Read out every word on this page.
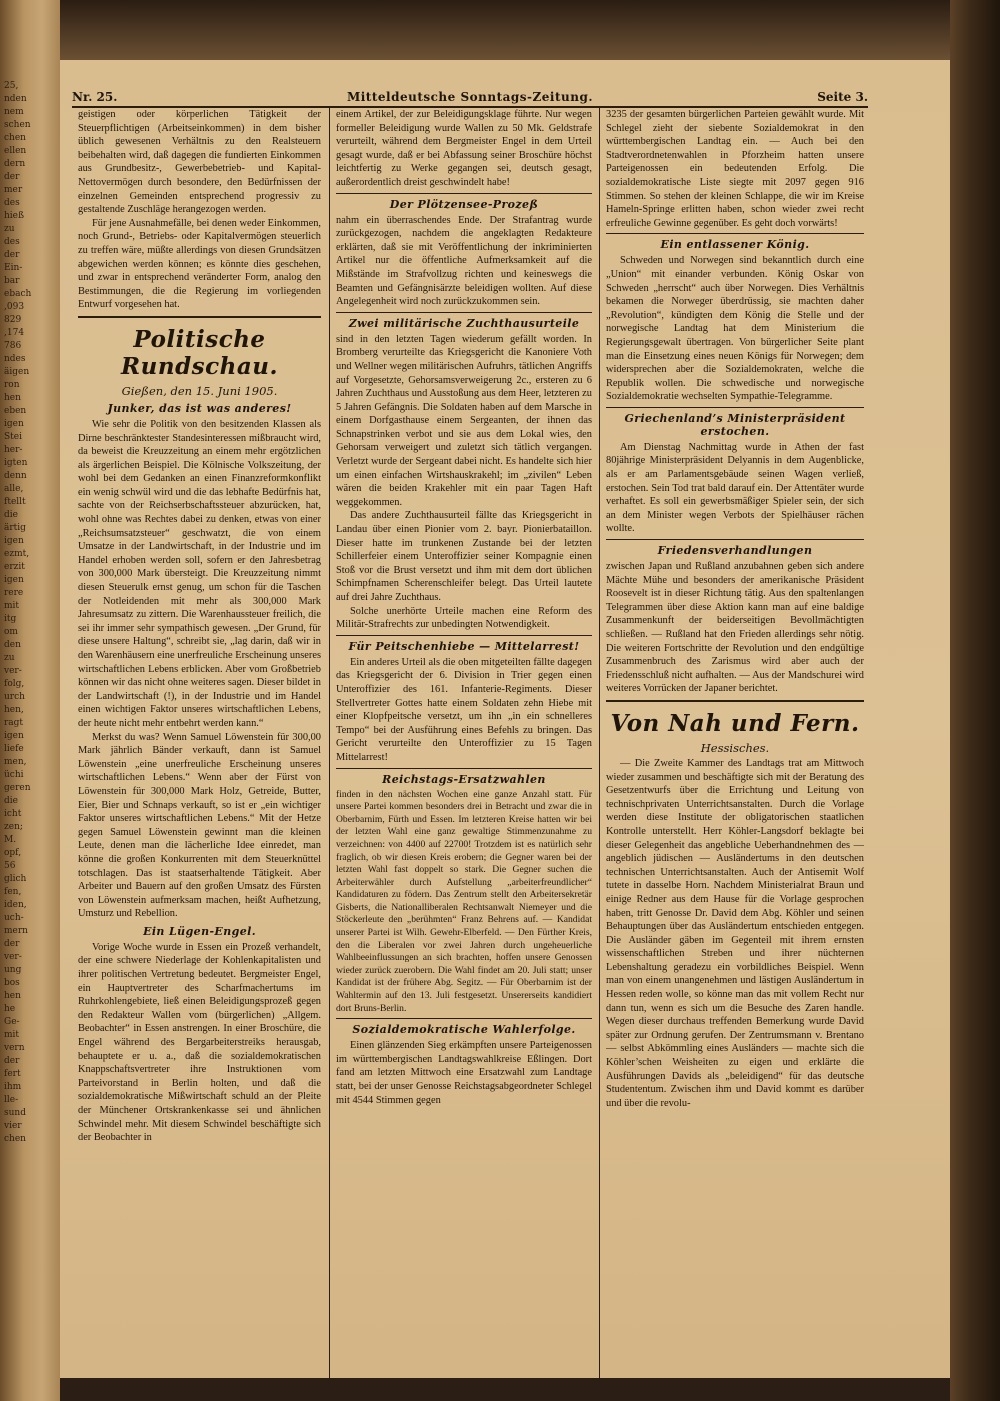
25,
nden
nem
schen
chen
ellen
dern
der
mer
des
hieß
zu
des
der
Ein-
bar
ebach
,093
829
,174
786
ndes
äigen
ron
hen
eben
igen
Stei
her-
igten
denn
alle,
ftellt
die
ärtig
igen
ezmt,
erzit
igen
rere
mit
itg
om
den
zu
ver-
folg,
urch
hen,
ragt
igen
liefe
men,
üchi
geren
die
icht
zen;
M.
opf,
56
glich
fen,
iden,
uch-
mern
der
ver-
ung
bos
hen
he
Ge-
mit
vern
der
fert
ihm
lle-
sund
vier
chen
Mitteldeutsche Sonntags-Zeitung.
Nr. 25.	Seite 3.

geistigen oder körperlichen Tätigkeit der Steuerpflichtigen (Arbeitseinkommen) in dem bisher üblich gewesenen Verhältnis zu den Realsteuern beibehalten wird, daß dagegen die fundierten Einkommen aus Grundbesitz-, Gewerbebetrieb- und Kapital-Nettovermögen durch besondere, den Bedürfnissen der einzelnen Gemeinden entsprechend progressiv zu gestaltende Zuschläge herangezogen werden.

Für jene Ausnahmefälle, bei denen weder Einkommen, noch Grund-, Betriebs- oder Kapitalvermögen steuerlich zu treffen wäre, müßte allerdings von diesen Grundsätzen abgewichen werden können; es könnte dies geschehen, und zwar in entsprechend veränderter Form, analog den Bestimmungen, die die Regierung im vorliegenden Entwurf vorgesehen hat.

Politische Rundschau.
Gießen, den 15. Juni 1905.
Junker, das ist was anderes!

Wie sehr die Politik von den besitzenden Klassen als Dirne beschränktester Standesinteressen mißbraucht wird, da beweist die Kreuzzeitung an einem mehr ergötzlichen als ärgerlichen Beispiel. Die Kölnische Volkszeitung, der wohl bei dem Gedanken an einen Finanzreformkonflikt ein wenig schwül wird und die das lebhafte Bedürfnis hat, sachte von der Reichserbschaftssteuer abzurücken, hat, wohl ohne was Rechtes dabei zu denken, etwas von einer „Reichsumsatzsteuer“ geschwatzt, die von einem Umsatze in der Landwirtschaft, in der Industrie und im Handel erhoben werden soll, sofern er den Jahresbetrag von 300,000 Mark übersteigt. Die Kreuzzeitung nimmt diesen Steuerulk ernst genug, um schon für die Taschen der Notleidenden mit mehr als 300,000 Mark Jahresumsatz zu zittern. Die Warenhaussteuer freilich, die sei ihr immer sehr sympathisch gewesen. „Der Grund, für diese unsere Haltung“, schreibt sie, „lag darin, daß wir in den Warenhäusern eine unerfreuliche Erscheinung unseres wirtschaftlichen Lebens erblicken. Aber vom Großbetrieb können wir das nicht ohne weiteres sagen. Dieser bildet in der Landwirtschaft (!), in der Industrie und im Handel einen wichtigen Faktor unseres wirtschaftlichen Lebens, der heute nicht mehr entbehrt werden kann.“

Merkst du was? Wenn Samuel Löwenstein für 300,00 Mark jährlich Bänder verkauft, dann ist Samuel Löwenstein „eine unerfreuliche Erscheinung unseres wirtschaftlichen Lebens.“ Wenn aber der Fürst von Löwenstein für 300,000 Mark Holz, Getreide, Butter, Eier, Bier und Schnaps verkauft, so ist er „ein wichtiger Faktor unseres wirtschaftlichen Lebens.“ Mit der Hetze gegen Samuel Löwenstein gewinnt man die kleinen Leute, denen man die lächerliche Idee einredet, man könne die großen Konkurrenten mit dem Steuerknüttel totschlagen. Das ist staatserhaltende Tätigkeit. Aber Arbeiter und Bauern auf den großen Umsatz des Fürsten von Löwenstein aufmerksam machen, heißt Aufhetzung, Umsturz und Rebellion.

Ein Lügen-Engel.

Vorige Woche wurde in Essen ein Prozeß verhandelt, der eine schwere Niederlage der Kohlenkapitalisten und ihrer politischen Vertretung bedeutet. Bergmeister Engel, ein Hauptvertreter des Scharfmachertums im Ruhrkohlengebiete, ließ einen Beleidigungsprozeß gegen den Redakteur Wallen vom (bürgerlichen) „Allgem. Beobachter“ in Essen anstrengen. In einer Broschüre, die Engel während des Bergarbeiterstreiks herausgab, behauptete er u. a., daß die sozialdemokratischen Knappschaftsvertreter ihre Instruktionen vom Parteivorstand in Berlin holten, und daß die sozialdemokratische Mißwirtschaft schuld an der Pleite der Münchener Ortskrankenkasse sei und ähnlichen Schwindel mehr. Mit diesem Schwindel beschäftigte sich der Beobachter in

einem Artikel, der zur Beleidigungsklage führte. Nur wegen formeller Beleidigung wurde Wallen zu 50 Mk. Geldstrafe verurteilt, während dem Bergmeister Engel in dem Urteil gesagt wurde, daß er bei Abfassung seiner Broschüre höchst leichtfertig zu Werke gegangen sei, deutsch gesagt, außerordentlich dreist geschwindelt habe!

Der Plötzensee-Prozeß

nahm ein überraschendes Ende. Der Strafantrag wurde zurückgezogen, nachdem die angeklagten Redakteure erklärten, daß sie mit Veröffentlichung der inkriminierten Artikel nur die öffentliche Aufmerksamkeit auf die Mißstände im Strafvollzug richten und keineswegs die Beamten und Gefängnisärzte beleidigen wollten. Auf diese Angelegenheit wird noch zurückzukommen sein.

Zwei militärische Zuchthausurteile

sind in den letzten Tagen wiederum gefällt worden. In Bromberg verurteilte das Kriegsgericht die Kanoniere Voth und Wellner wegen militärischen Aufruhrs, tätlichen Angriffs auf Vorgesetzte, Gehorsamsverweigerung 2c., ersteren zu 6 Jahren Zuchthaus und Ausstoßung aus dem Heer, letzteren zu 5 Jahren Gefängnis. Die Soldaten haben auf dem Marsche in einem Dorfgasthause einem Sergeanten, der ihnen das Schnapstrinken verbot und sie aus dem Lokal wies, den Gehorsam verweigert und zuletzt sich tätlich vergangen. Verletzt wurde der Sergeant dabei nicht. Es handelte sich hier um einen einfachen Wirtshauskrakehl; im „zivilen“ Leben wären die beiden Krakehler mit ein paar Tagen Haft weggekommen.

Das andere Zuchthausurteil fällte das Kriegsgericht in Landau über einen Pionier vom 2. bayr. Pionierbataillon. Dieser hatte im trunkenen Zustande bei der letzten Schillerfeier einem Unteroffizier seiner Kompagnie einen Stoß vor die Brust versetzt und ihm mit dem dort üblichen Schimpfnamen Scherenschleifer belegt. Das Urteil lautete auf drei Jahre Zuchthaus.

Solche unerhörte Urteile machen eine Reform des Militär-Strafrechts zur unbedingten Notwendigkeit.

Für Peitschenhiebe — Mittelarrest!

Ein anderes Urteil als die oben mitgeteilten fällte dagegen das Kriegsgericht der 6. Division in Trier gegen einen Unteroffizier des 161. Infanterie-Regiments. Dieser Stellvertreter Gottes hatte einem Soldaten zehn Hiebe mit einer Klopfpeitsche versetzt, um ihn „in ein schnelleres Tempo“ bei der Ausführung eines Befehls zu bringen. Das Gericht verurteilte den Unteroffizier zu 15 Tagen Mittelarrest!

Reichstags-Ersatzwahlen

finden in den nächsten Wochen eine ganze Anzahl statt. Für unsere Partei kommen besonders drei in Betracht und zwar die in Oberbarnim, Fürth und Essen. Im letzteren Kreise hatten wir bei der letzten Wahl eine ganz gewaltige Stimmenzunahme zu verzeichnen: von 4400 auf 22700! Trotzdem ist es natürlich sehr fraglich, ob wir diesen Kreis erobern; die Gegner waren bei der letzten Wahl fast doppelt so stark. Die Gegner suchen die Arbeiterwähler durch Aufstellung „arbeiterfreundlicher“ Kandidaturen zu födern. Das Zentrum stellt den Arbeitersekretär Gisberts, die Nationalliberalen Rechtsanwalt Niemeyer und die Stöckerleute den „berühmten“ Franz Behrens auf. — Kandidat unserer Partei ist Wilh. Gewehr-Elberfeld. — Den Fürther Kreis, den die Liberalen vor zwei Jahren durch ungeheuerliche Wahlbeeinflussungen an sich brachten, hoffen unsere Genossen wieder zurück zuerobern. Die Wahl findet am 20. Juli statt; unser Kandidat ist der frühere Abg. Segitz. — Für Oberbarnim ist der Wahltermin auf den 13. Juli festgesetzt. Unsererseits kandidiert dort Bruns-Berlin.

Sozialdemokratische Wahlerfolge.

Einen glänzenden Sieg erkämpften unsere Parteigenossen im württembergischen Landtagswahlkreise Eßlingen. Dort fand am letzten Mittwoch eine Ersatzwahl zum Landtage statt, bei der unser Genosse Reichstagsabgeordneter Schlegel mit 4544 Stimmen gegen

3235 der gesamten bürgerlichen Parteien gewählt wurde. Mit Schlegel zieht der siebente Sozialdemokrat in den württembergischen Landtag ein. — Auch bei den Stadtverordnetenwahlen in Pforzheim hatten unsere Parteigenossen ein bedeutenden Erfolg. Die sozialdemokratische Liste siegte mit 2097 gegen 916 Stimmen. So stehen der kleinen Schlappe, die wir im Kreise Hameln-Springe erlitten haben, schon wieder zwei recht erfreuliche Gewinne gegenüber. Es geht doch vorwärts!

Ein entlassener König.

Schweden und Norwegen sind bekanntlich durch eine „Union“ mit einander verbunden. König Oskar von Schweden „herrscht“ auch über Norwegen. Dies Verhältnis bekamen die Norweger überdrüssig, sie machten daher „Revolution“, kündigten dem König die Stelle und der norwegische Landtag hat dem Ministerium die Regierungsgewalt übertragen. Von bürgerlicher Seite plant man die Einsetzung eines neuen Königs für Norwegen; dem widersprechen aber die Sozialdemokraten, welche die Republik wollen. Die schwedische und norwegische Sozialdemokratie wechselten Sympathie-Telegramme.

Griechenland’s Ministerpräsident erstochen.

Am Dienstag Nachmittag wurde in Athen der fast 80jährige Ministerpräsident Delyannis in dem Augenblicke, als er am Parlamentsgebäude seinen Wagen verließ, erstochen. Sein Tod trat bald darauf ein. Der Attentäter wurde verhaftet. Es soll ein gewerbsmäßiger Spieler sein, der sich an dem Minister wegen Verbots der Spielhäuser rächen wollte.

Friedensverhandlungen

zwischen Japan und Rußland anzubahnen geben sich andere Mächte Mühe und besonders der amerikanische Präsident Roosevelt ist in dieser Richtung tätig. Aus den spaltenlangen Telegrammen über diese Aktion kann man auf eine baldige Zusammenkunft der beiderseitigen Bevollmächtigten schließen. — Rußland hat den Frieden allerdings sehr nötig. Die weiteren Fortschritte der Revolution und den endgültige Zusammenbruch des Zarismus wird aber auch der Friedensschluß nicht aufhalten. — Aus der Mandschurei wird weiteres Vorrücken der Japaner berichtet.

Von Nah und Fern.
Hessisches.

— Die Zweite Kammer des Landtags trat am Mittwoch wieder zusammen und beschäftigte sich mit der Beratung des Gesetzentwurfs über die Errichtung und Leitung von technischprivaten Unterrichtsanstalten. Durch die Vorlage werden diese Institute der obligatorischen staatlichen Kontrolle unterstellt. Herr Köhler-Langsdorf beklagte bei dieser Gelegenheit das angebliche Ueberhandnehmen des — angeblich jüdischen — Ausländertums in den deutschen technischen Unterrichtsanstalten. Auch der Antisemit Wolf tutete in dasselbe Horn. Nachdem Ministerialrat Braun und einige Redner aus dem Hause für die Vorlage gesprochen haben, tritt Genosse Dr. David dem Abg. Köhler und seinen Behauptungen über das Ausländertum entschieden entgegen. Die Ausländer gäben im Gegenteil mit ihrem ernsten wissenschaftlichen Streben und ihrer nüchternen Lebenshaltung geradezu ein vorbildliches Beispiel. Wenn man von einem unangenehmen und lästigen Ausländertum in Hessen reden wolle, so könne man das mit vollem Recht nur dann tun, wenn es sich um die Besuche des Zaren handle. Wegen dieser durchaus treffenden Bemerkung wurde David später zur Ordnung gerufen. Der Zentrumsmann v. Brentano — selbst Abkömmling eines Ausländers — machte sich die Köhler’schen Weisheiten zu eigen und erklärte die Ausführungen Davids als „beleidigend“ für das deutsche Studententum. Zwischen ihm und David kommt es darüber und über die revolu-
